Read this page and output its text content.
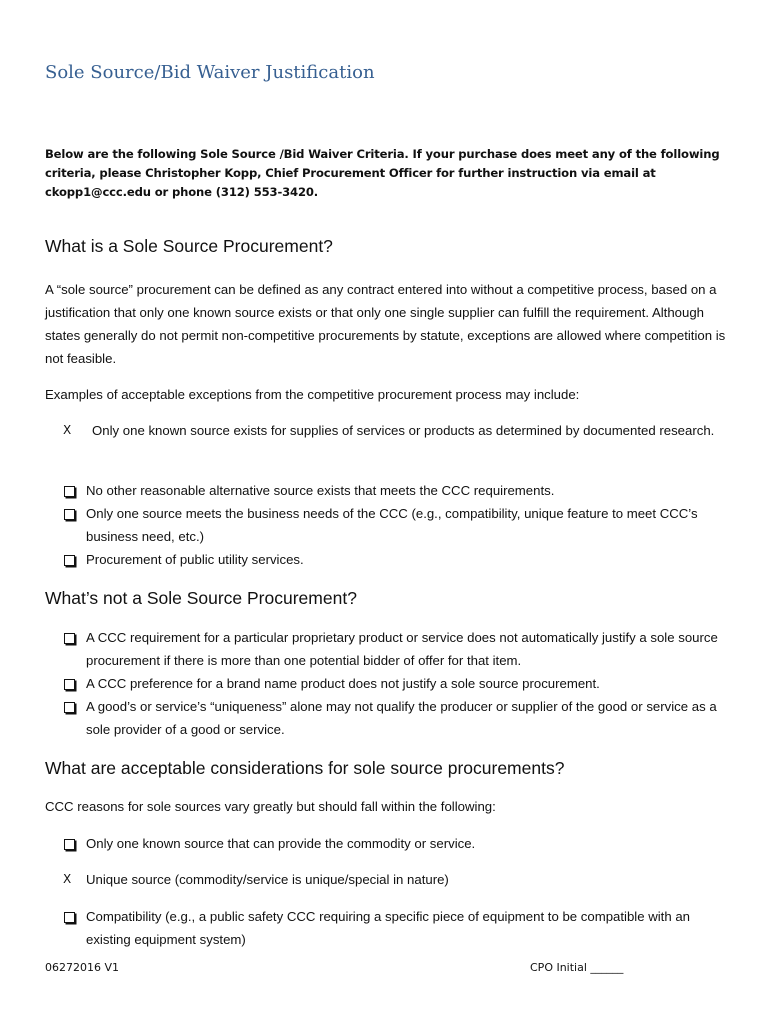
Sole Source/Bid Waiver Justification
Below are the following Sole Source /Bid Waiver Criteria. If your purchase does meet any of the following criteria, please Christopher Kopp, Chief Procurement Officer for further instruction via email at ckopp1@ccc.edu or phone (312) 553-3420.
What is a Sole Source Procurement?

A “sole source” procurement can be defined as any contract entered into without a competitive process, based on a justification that only one known source exists or that only one single supplier can fulfill the requirement. Although states generally do not permit non-competitive procurements by statute, exceptions are allowed where competition is not feasible.

Examples of acceptable exceptions from the competitive procurement process may include:

X	Only one known source exists for supplies of services or products as determined by documented research.
No other reasonable alternative source exists that meets the CCC requirements.
Only one source meets the business needs of the CCC (e.g., compatibility, unique feature to meet CCC’s business need, etc.)
Procurement of public utility services.
What’s not a Sole Source Procurement?
A CCC requirement for a particular proprietary product or service does not automatically justify a sole source procurement if there is more than one potential bidder of offer for that item.
A CCC preference for a brand name product does not justify a sole source procurement.
A good’s or service’s “uniqueness” alone may not qualify the producer or supplier of the good or service as a sole provider of a good or service.
What are acceptable considerations for sole source procurements?

CCC reasons for sole sources vary greatly but should fall within the following:

Only one known source that can provide the commodity or service.
X	Unique source (commodity/service is unique/special in nature)
Compatibility (e.g., a public safety CCC requiring a specific piece of equipment to be compatible with an existing equipment system)
06272016 V1	CPO Initial ______
